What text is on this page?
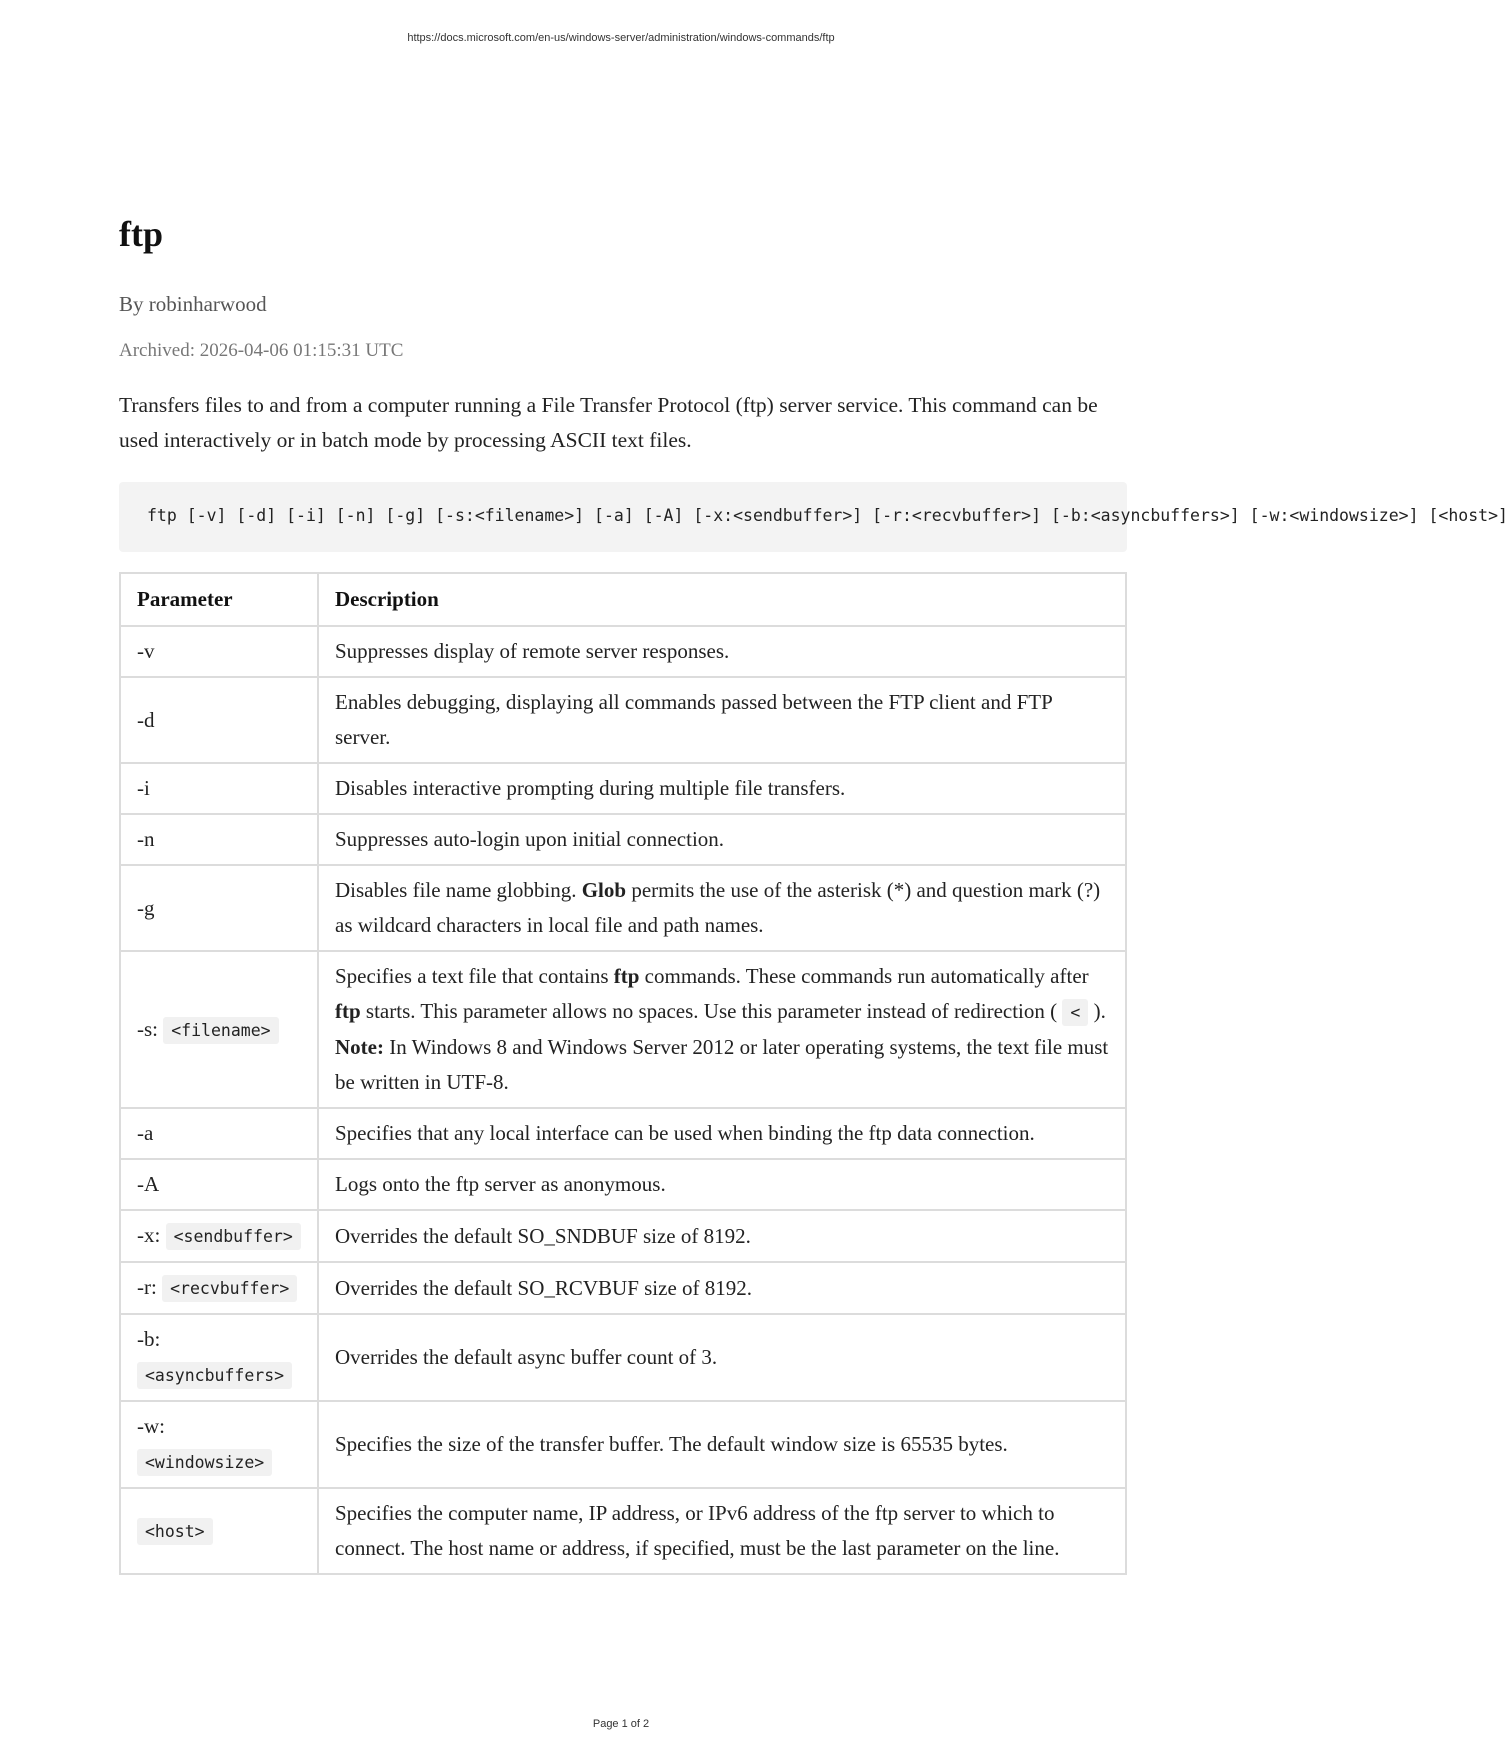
https://docs.microsoft.com/en-us/windows-server/administration/windows-commands/ftp
ftp
By robinharwood
Archived: 2026-04-06 01:15:31 UTC

Transfers files to and from a computer running a File Transfer Protocol (ftp) server service. This command can be used interactively or in batch mode by processing ASCII text files.

ftp [-v] [-d] [-i] [-n] [-g] [-s:<filename>] [-a] [-A] [-x:<sendbuffer>] [-r:<recvbuffer>] [-b:<asyncbuffers>] [-w:<windowsize>] [<host>]
Parameter	Description
-v	Suppresses display of remote server responses.
-d	Enables debugging, displaying all commands passed between the FTP client and FTP server.
-i	Disables interactive prompting during multiple file transfers.
-n	Suppresses auto-login upon initial connection.
-g	Disables file name globbing. Glob permits the use of the asterisk (*) and question mark (?) as wildcard characters in local file and path names.
-s: <filename>	Specifies a text file that contains ftp commands. These commands run automatically after ftp starts. This parameter allows no spaces. Use this parameter instead of redirection ( < ). Note: In Windows 8 and Windows Server 2012 or later operating systems, the text file must be written in UTF-8.
-a	Specifies that any local interface can be used when binding the ftp data connection.
-A	Logs onto the ftp server as anonymous.
-x: <sendbuffer>	Overrides the default SO_SNDBUF size of 8192.
-r: <recvbuffer>	Overrides the default SO_RCVBUF size of 8192.
-b:
<asyncbuffers>	Overrides the default async buffer count of 3.
-w:
<windowsize>	Specifies the size of the transfer buffer. The default window size is 65535 bytes.
<host>	Specifies the computer name, IP address, or IPv6 address of the ftp server to which to connect. The host name or address, if specified, must be the last parameter on the line.
Page 1 of 2
